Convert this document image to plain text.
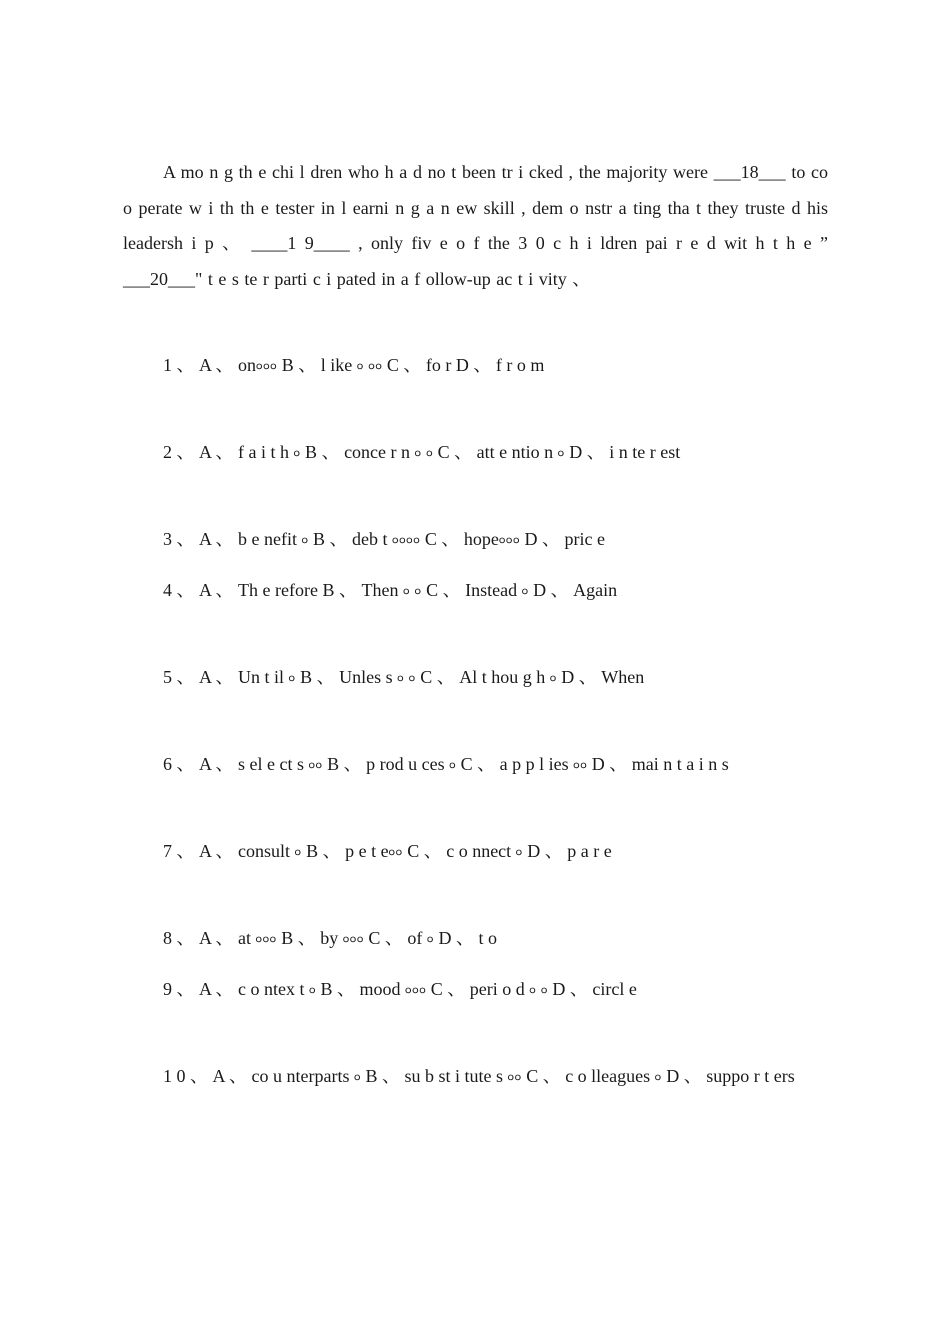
A mo n g th e chi l dren who h a d no t been tr i cked , the majority were ___18___ to co o perate w i th th e tester in l earni n g a n ew skill , dem o nstr a ting tha t they truste d his leadersh i p 、 ____1 9____ , only fiv e o f the 3 0 c h i ldren pai r e d wit h t h e ” ___20___" t e s te r parti c i pated in a f ollow-up ac t i vity 、

1 、 A 、 on৹৹৹ B 、 l ike ৹ ৹৹ C 、 fo r D 、 f r o m

2 、 A 、 f a i t h ৹ B 、 conce r n ৹ ৹ C 、 att e ntio n ৹ D 、 i n te r est

3 、 A 、 b e nefit ৹ B 、 deb t ৹৹৹৹ C 、 hope৹৹৹ D 、 pric e

4 、 A 、 Th e refore B 、 Then ৹ ৹ C 、 Instead ৹ D 、 Again

5 、 A 、 Un t il ৹ B 、 Unles s ৹ ৹ C 、 Al t hou g h ৹ D 、 When

6 、 A 、 s el e ct s ৹৹ B 、 p rod u ces ৹ C 、 a p p l ies ৹৹ D 、 mai n t a i n s

7 、 A 、 consult ৹ B 、 p e t e৹৹ C 、 c o nnect ৹ D 、 p a r e

8 、 A 、 at ৹৹৹ B 、 by ৹৹৹ C 、 of ৹ D 、 t o

9 、 A 、 c o ntex t ৹ B 、 mood ৹৹৹ C 、 peri o d ৹ ৹ D 、 circl e

1 0 、 A 、 co u nterparts ৹ B 、 su b st i tute s ৹৹ C 、 c o lleagues ৹ D 、 suppo r t ers
